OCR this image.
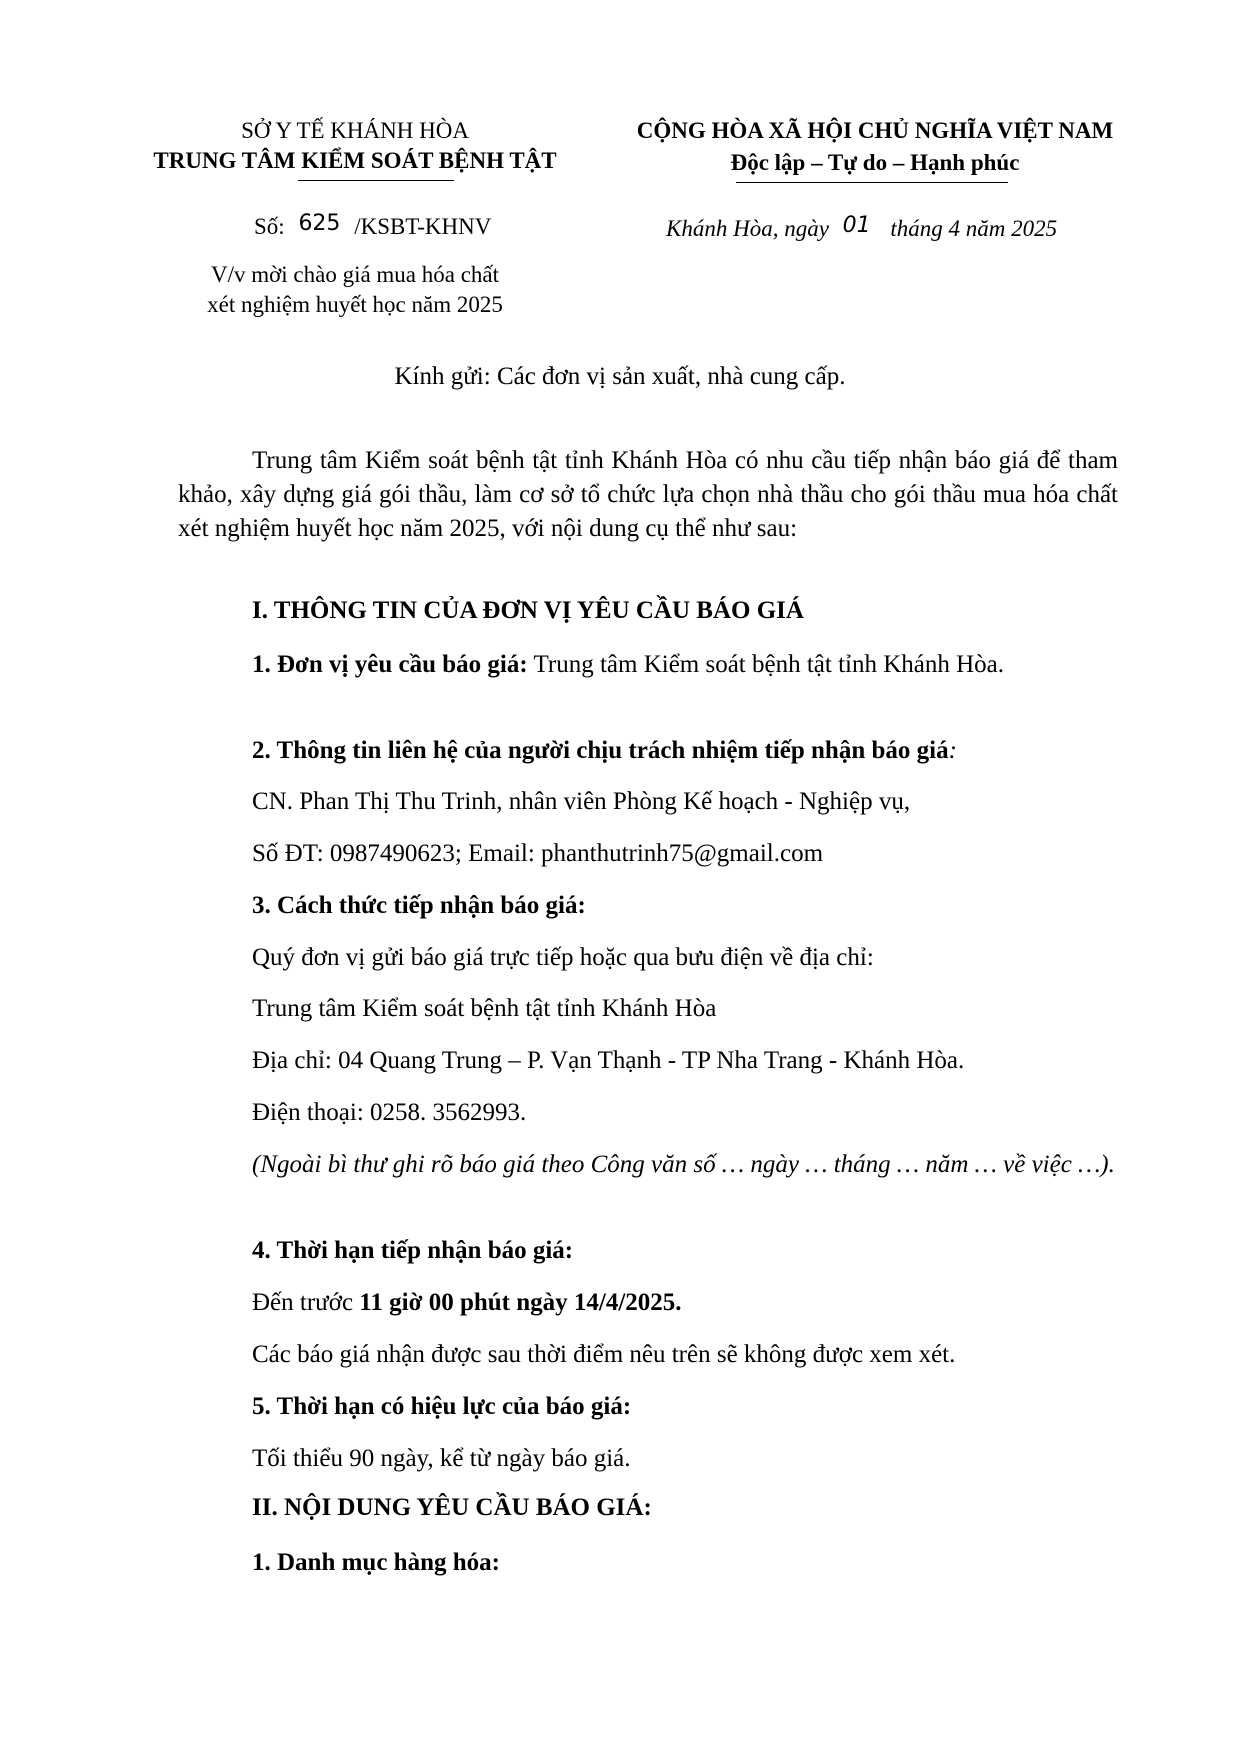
SỞ Y TẾ KHÁNH HÒA
TRUNG TÂM KIỂM SOÁT BỆNH TẬT
Số: 625 /KSBT-KHNV
V/v mời chào giá mua hóa chất
xét nghiệm huyết học năm 2025
CỘNG HÒA XÃ HỘI CHỦ NGHĨA VIỆT NAM
Độc lập – Tự do – Hạnh phúc
Khánh Hòa, ngày 01 tháng 4 năm 2025
Kính gửi: Các đơn vị sản xuất, nhà cung cấp.
Trung tâm Kiểm soát bệnh tật tỉnh Khánh Hòa có nhu cầu tiếp nhận báo giá để tham khảo, xây dựng giá gói thầu, làm cơ sở tổ chức lựa chọn nhà thầu cho gói thầu mua hóa chất xét nghiệm huyết học năm 2025, với nội dung cụ thể như sau:
I. THÔNG TIN CỦA ĐƠN VỊ YÊU CẦU BÁO GIÁ
1. Đơn vị yêu cầu báo giá: Trung tâm Kiểm soát bệnh tật tỉnh Khánh Hòa.
2. Thông tin liên hệ của người chịu trách nhiệm tiếp nhận báo giá:
CN. Phan Thị Thu Trinh, nhân viên Phòng Kế hoạch - Nghiệp vụ,
Số ĐT: 0987490623; Email: phanthutrinh75@gmail.com
3. Cách thức tiếp nhận báo giá:
Quý đơn vị gửi báo giá trực tiếp hoặc qua bưu điện về địa chỉ:
Trung tâm Kiểm soát bệnh tật tỉnh Khánh Hòa
Địa chỉ: 04 Quang Trung – P. Vạn Thạnh - TP Nha Trang - Khánh Hòa.
Điện thoại: 0258. 3562993.
(Ngoài bì thư ghi rõ báo giá theo Công văn số … ngày … tháng … năm … về việc …).
4. Thời hạn tiếp nhận báo giá:
Đến trước 11 giờ 00 phút ngày 14/4/2025.
Các báo giá nhận được sau thời điểm nêu trên sẽ không được xem xét.
5. Thời hạn có hiệu lực của báo giá:
Tối thiểu 90 ngày, kể từ ngày báo giá.
II. NỘI DUNG YÊU CẦU BÁO GIÁ:
1. Danh mục hàng hóa:
